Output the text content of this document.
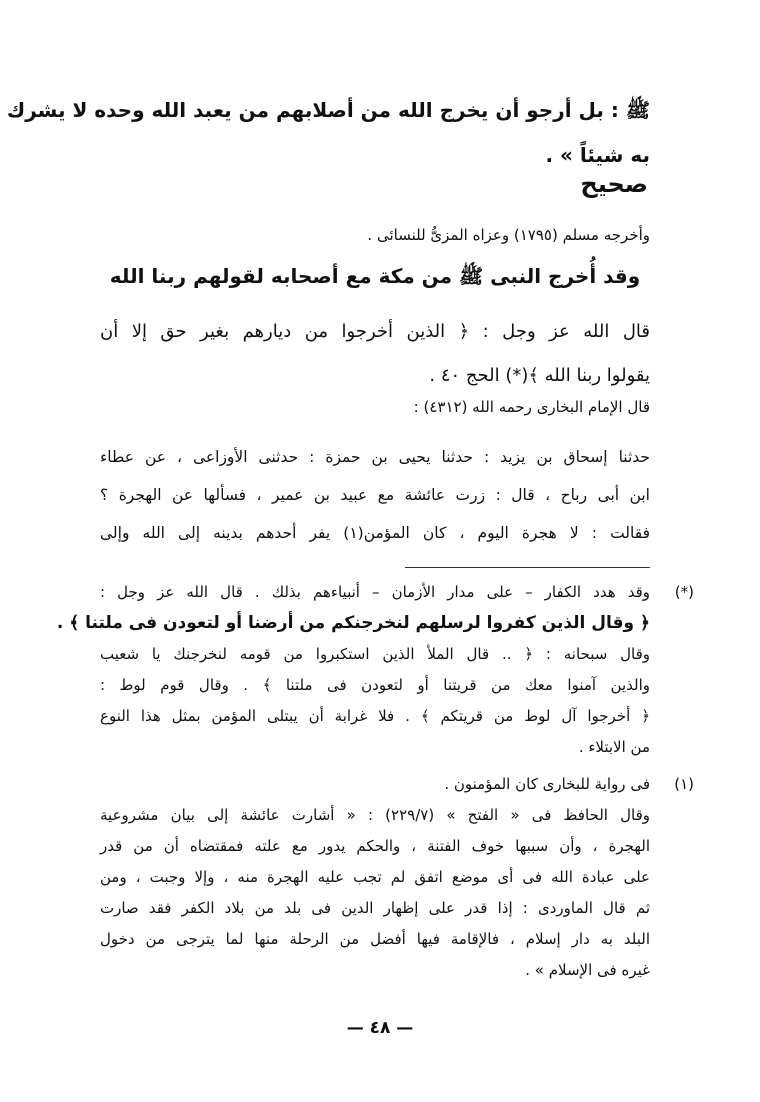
ﷺ : بل أرجو أن يخرج الله من أصلابهم من يعبد الله وحده لا يشرك
به شيئاً » .
صحيح
وأخرجه مسلم (١٧٩٥) وعزاه المزىُّ للنسائى .
وقد أُخرج النبى ﷺ من مكة مع أصحابه لقولهم ربنا الله
قال الله عز وجل : ﴿ الذين أخرجوا من ديارهم بغير حق إلا أن
يقولوا ربنا الله ﴾(*) الحج ٤٠ .
قال الإمام البخارى رحمه الله (٤٣١٢) :
حدثنا إسحاق بن يزيد : حدثنا يحيى بن حمزة : حدثنى الأوزاعى ، عن عطاء
ابن أبى رباح ، قال : زرت عائشة مع عبيد بن عمير ، فسألها عن الهجرة ؟
فقالت : لا هجرة اليوم ، كان المؤمن(١) يفر أحدهم بدينه إلى الله وإلى
(*)
وقد هدد الكفار – على مدار الأزمان – أنبياءهم بذلك . قال الله عز وجل :
﴿ وقال الذين كفروا لرسلهم لنخرجنكم من أرضنا أو لتعودن فى ملتنا ﴾ .
وقال سبحانه : ﴿ .. قال الملأ الذين استكبروا من قومه لنخرجنك يا شعيب
والذين آمنوا معك من قريتنا أو لتعودن فى ملتنا ﴾ . وقال قوم لوط :
﴿ أخرجوا آل لوط من قريتكم ﴾ . فلا غرابة أن يبتلى المؤمن بمثل هذا النوع
من الابتلاء .
(١)
فى رواية للبخارى كان المؤمنون .
وقال الحافظ فى « الفتح » (٢٢٩/٧) : « أشارت عائشة إلى بيان مشروعية
الهجرة ، وأن سببها خوف الفتنة ، والحكم يدور مع علته فمقتضاه أن من قدر
على عبادة الله فى أى موضع اتفق لم تجب عليه الهجرة منه ، وإلا وجبت ، ومن
ثم قال الماوردى : إذا قدر على إظهار الدين فى بلد من بلاد الكفر فقد صارت
البلد به دار إسلام ، فالإقامة فيها أفضل من الرحلة منها لما يترجى من دخول
غيره فى الإسلام » .
— ٤٨ —
